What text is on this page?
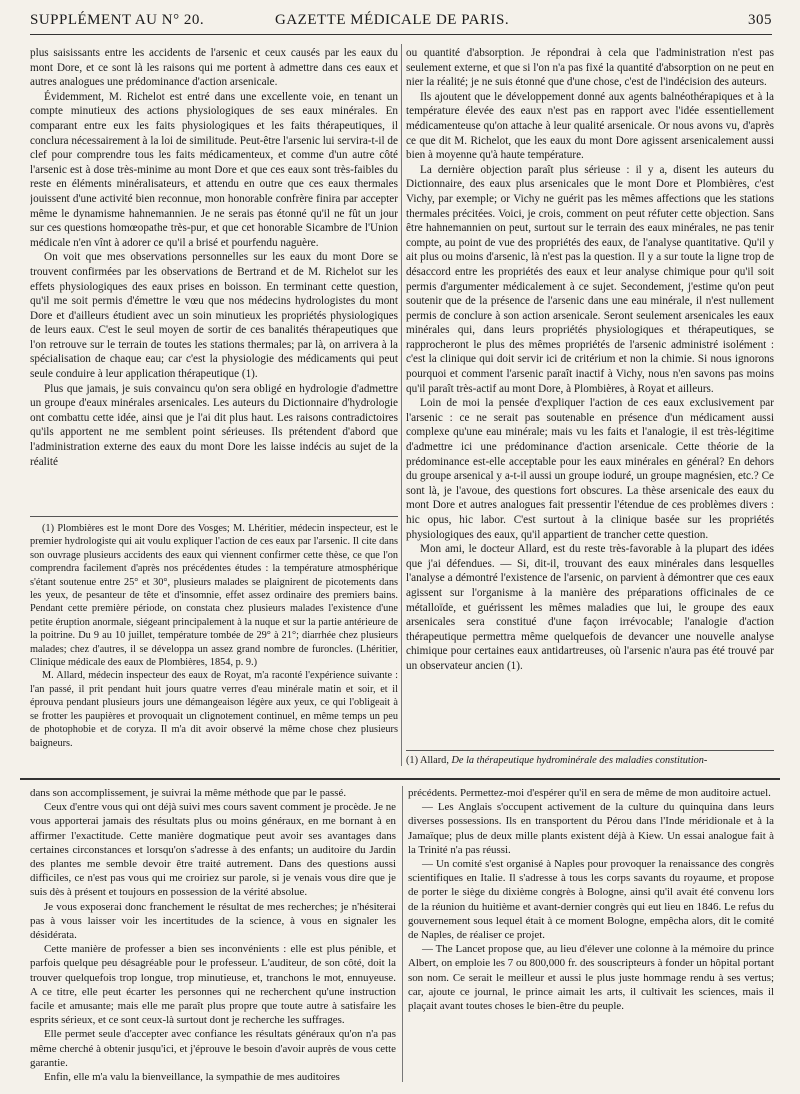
SUPPLÉMENT AU N° 20.	GAZETTE MÉDICALE DE PARIS.	305

plus saisissants entre les accidents de l'arsenic et ceux causés par les eaux du mont Dore, et ce sont là les raisons qui me portent à admettre dans ces eaux et autres analogues une prédominance d'action arsenicale.

Évidemment, M. Richelot est entré dans une excellente voie, en tenant un compte minutieux des actions physiologiques de ses eaux minérales. En comparant entre eux les faits physiologiques et les faits thérapeutiques, il conclura nécessairement à la loi de similitude. Peut-être l'arsenic lui servira-t-il de clef pour comprendre tous les faits médicamenteux, et comme d'un autre côté l'arsenic est à dose très-minime au mont Dore et que ces eaux sont très-faibles du reste en éléments minéralisateurs, et attendu en outre que ces eaux thermales jouissent d'une activité bien reconnue, mon honorable confrère finira par accepter même le dynamisme hahnemannien. Je ne serais pas étonné qu'il ne fût un jour sur ces questions homœopathe très-pur, et que cet honorable Sicambre de l'Union médicale n'en vînt à adorer ce qu'il a brisé et pourfendu naguère.

On voit que mes observations personnelles sur les eaux du mont Dore se trouvent confirmées par les observations de Bertrand et de M. Richelot sur les effets physiologiques des eaux prises en boisson. En terminant cette question, qu'il me soit permis d'émettre le vœu que nos médecins hydrologistes du mont Dore et d'ailleurs étudient avec un soin minutieux les propriétés physiologiques de leurs eaux. C'est le seul moyen de sortir de ces banalités thérapeutiques que l'on retrouve sur le terrain de toutes les stations thermales; par là, on arrivera à la spécialisation de chaque eau; car c'est la physiologie des médicaments qui peut seule conduire à leur application thérapeutique (1).

Plus que jamais, je suis convaincu qu'on sera obligé en hydrologie d'admettre un groupe d'eaux minérales arsenicales. Les auteurs du Dictionnaire d'hydrologie ont combattu cette idée, ainsi que je l'ai dit plus haut. Les raisons contradictoires qu'ils apportent ne me semblent point sérieuses. Ils prétendent d'abord que l'administration externe des eaux du mont Dore les laisse indécis au sujet de la réalité

(1) Plombières est le mont Dore des Vosges; M. Lhéritier, médecin inspecteur, est le premier hydrologiste qui ait voulu expliquer l'action de ces eaux par l'arsenic. Il cite dans son ouvrage plusieurs accidents des eaux qui viennent confirmer cette thèse, ce que l'on comprendra facilement d'après nos précédentes études : la température atmosphérique s'étant soutenue entre 25° et 30°, plusieurs malades se plaignirent de picotements dans les yeux, de pesanteur de tête et d'insomnie, effet assez ordinaire des premiers bains. Pendant cette première période, on constata chez plusieurs malades l'existence d'une petite éruption anormale, siégeant principalement à la nuque et sur la partie antérieure de la poitrine. Du 9 au 10 juillet, température tombée de 29° à 21°; diarrhée chez plusieurs malades; chez d'autres, il se développa un assez grand nombre de furoncles. (Lhéritier, Clinique médicale des eaux de Plombières, 1854, p. 9.)

M. Allard, médecin inspecteur des eaux de Royat, m'a raconté l'expérience suivante : l'an passé, il prit pendant huit jours quatre verres d'eau minérale matin et soir, et il éprouva pendant plusieurs jours une démangeaison légère aux yeux, ce qui l'obligeait à se frotter les paupières et provoquait un clignotement continuel, en même temps un peu de photophobie et de coryza. Il m'a dit avoir observé la même chose chez plusieurs baigneurs.

ou quantité d'absorption. Je répondrai à cela que l'administration n'est pas seulement externe, et que si l'on n'a pas fixé la quantité d'absorption on ne peut en nier la réalité; je ne suis étonné que d'une chose, c'est de l'indécision des auteurs.

Ils ajoutent que le développement donné aux agents balnéothérapiques et à la température élevée des eaux n'est pas en rapport avec l'idée essentiellement médicamenteuse qu'on attache à leur qualité arsenicale. Or nous avons vu, d'après ce que dit M. Richelot, que les eaux du mont Dore agissent arsenicalement aussi bien à moyenne qu'à haute température.

La dernière objection paraît plus sérieuse : il y a, disent les auteurs du Dictionnaire, des eaux plus arsenicales que le mont Dore et Plombières, c'est Vichy, par exemple; or Vichy ne guérit pas les mêmes affections que les stations thermales précitées. Voici, je crois, comment on peut réfuter cette objection. Sans être hahnemannien on peut, surtout sur le terrain des eaux minérales, ne pas tenir compte, au point de vue des propriétés des eaux, de l'analyse quantitative. Qu'il y ait plus ou moins d'arsenic, là n'est pas la question. Il y a sur toute la ligne trop de désaccord entre les propriétés des eaux et leur analyse chimique pour qu'il soit permis d'argumenter médicalement à ce sujet. Secondement, j'estime qu'on peut soutenir que de la présence de l'arsenic dans une eau minérale, il n'est nullement permis de conclure à son action arsenicale. Seront seulement arsenicales les eaux minérales qui, dans leurs propriétés physiologiques et thérapeutiques, se rapprocheront le plus des mêmes propriétés de l'arsenic administré isolément : c'est la clinique qui doit servir ici de critérium et non la chimie. Si nous ignorons pourquoi et comment l'arsenic paraît inactif à Vichy, nous n'en savons pas moins qu'il paraît très-actif au mont Dore, à Plombières, à Royat et ailleurs.

Loin de moi la pensée d'expliquer l'action de ces eaux exclusivement par l'arsenic : ce ne serait pas soutenable en présence d'un médicament aussi complexe qu'une eau minérale; mais vu les faits et l'analogie, il est très-légitime d'admettre ici une prédominance d'action arsenicale. Cette théorie de la prédominance est-elle acceptable pour les eaux minérales en général? En dehors du groupe arsenical y a-t-il aussi un groupe ioduré, un groupe magnésien, etc.? Ce sont là, je l'avoue, des questions fort obscures. La thèse arsenicale des eaux du mont Dore et autres analogues fait pressentir l'étendue de ces problèmes divers : hic opus, hic labor. C'est surtout à la clinique basée sur les propriétés physiologiques des eaux, qu'il appartient de trancher cette question.

Mon ami, le docteur Allard, est du reste très-favorable à la plupart des idées que j'ai défendues. — Si, dit-il, trouvant des eaux minérales dans lesquelles l'analyse a démontré l'existence de l'arsenic, on parvient à démontrer que ces eaux agissent sur l'organisme à la manière des préparations officinales de ce métalloïde, et guérissent les mêmes maladies que lui, le groupe des eaux arsenicales sera constitué d'une façon irrévocable; l'analogie d'action thérapeutique permettra même quelquefois de devancer une nouvelle analyse chimique pour certaines eaux antidartreuses, où l'arsenic n'aura pas été trouvé par un observateur ancien (1).

(1) Allard, De la thérapeutique hydrominérale des maladies constitution-

dans son accomplissement, je suivrai la même méthode que par le passé.

Ceux d'entre vous qui ont déjà suivi mes cours savent comment je procède. Je ne vous apporterai jamais des résultats plus ou moins généraux, en me bornant à en affirmer l'exactitude. Cette manière dogmatique peut avoir ses avantages dans certaines circonstances et lorsqu'on s'adresse à des enfants; un auditoire du Jardin des plantes me semble devoir être traité autrement. Dans des questions aussi difficiles, ce n'est pas vous qui me croiriez sur parole, si je venais vous dire que je suis dès à présent et toujours en possession de la vérité absolue.

Je vous exposerai donc franchement le résultat de mes recherches; je n'hésiterai pas à vous laisser voir les incertitudes de la science, à vous en signaler les désidérata.

Cette manière de professer a bien ses inconvénients : elle est plus pénible, et parfois quelque peu désagréable pour le professeur. L'auditeur, de son côté, doit la trouver quelquefois trop longue, trop minutieuse, et, tranchons le mot, ennuyeuse. A ce titre, elle peut écarter les personnes qui ne recherchent qu'une instruction facile et amusante; mais elle me paraît plus propre que toute autre à satisfaire les esprits sérieux, et ce sont ceux-là surtout dont je recherche les suffrages.

Elle permet seule d'accepter avec confiance les résultats généraux qu'on n'a pas même cherché à obtenir jusqu'ici, et j'éprouve le besoin d'avoir auprès de vous cette garantie.

Enfin, elle m'a valu la bienveillance, la sympathie de mes auditoires

précédents. Permettez-moi d'espérer qu'il en sera de même de mon auditoire actuel.

— Les Anglais s'occupent activement de la culture du quinquina dans leurs diverses possessions. Ils en transportent du Pérou dans l'Inde méridionale et à la Jamaïque; plus de deux mille plants existent déjà à Kiew. Un essai analogue fait à la Trinité n'a pas réussi.

— Un comité s'est organisé à Naples pour provoquer la renaissance des congrès scientifiques en Italie. Il s'adresse à tous les corps savants du royaume, et propose de porter le siège du dixième congrès à Bologne, ainsi qu'il avait été convenu lors de la réunion du huitième et avant-dernier congrès qui eut lieu en 1846. Le refus du gouvernement sous lequel était à ce moment Bologne, empêcha alors, dit le comité de Naples, de réaliser ce projet.

— The Lancet propose que, au lieu d'élever une colonne à la mémoire du prince Albert, on emploie les 7 ou 800,000 fr. des souscripteurs à fonder un hôpital portant son nom. Ce serait le meilleur et aussi le plus juste hommage rendu à ses vertus; car, ajoute ce journal, le prince aimait les arts, il cultivait les sciences, mais il plaçait avant toutes choses le bien-être du peuple.
